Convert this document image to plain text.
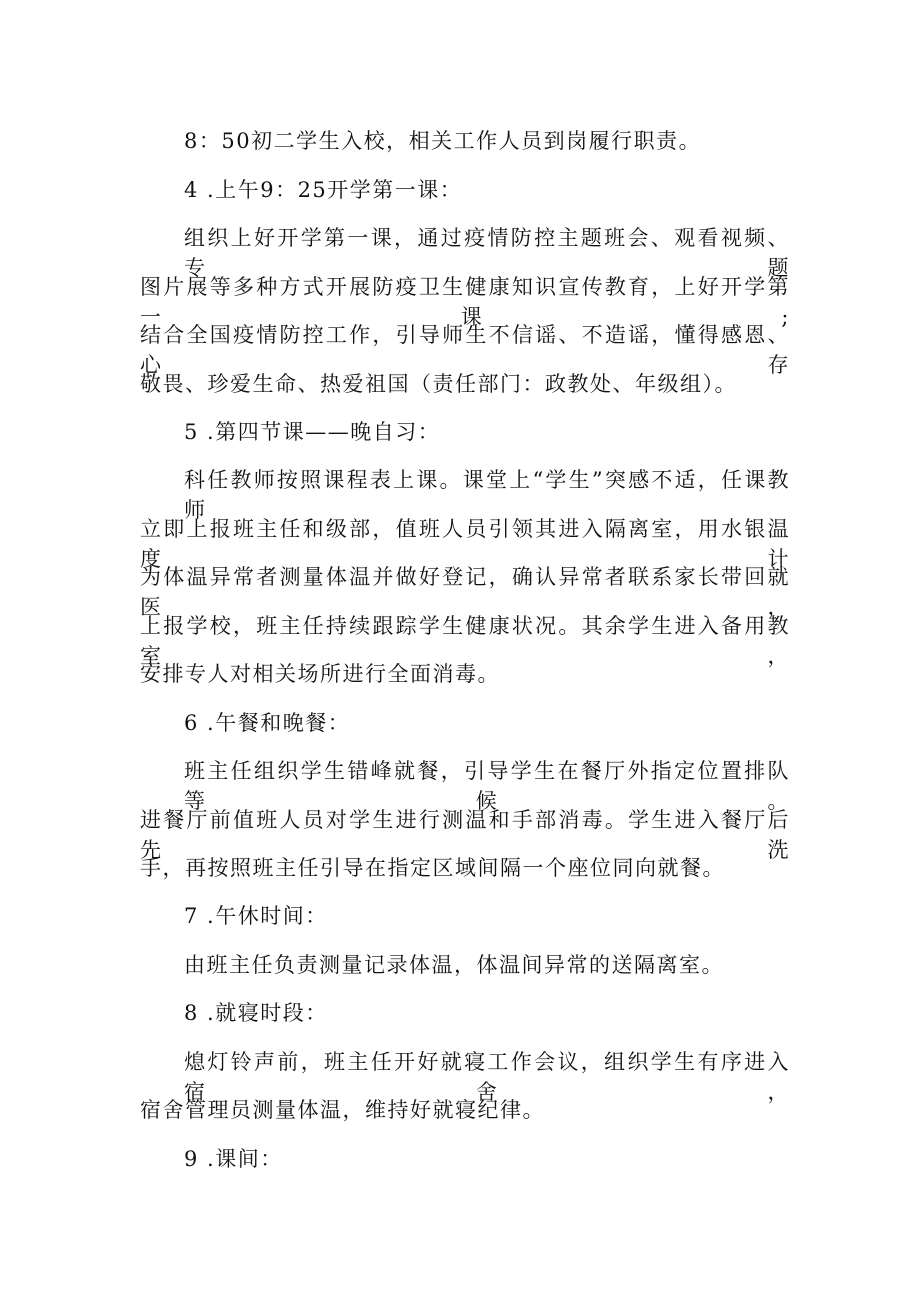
8：50初二学生入校，相关工作人员到岗履行职责。
4 .上午9：25开学第一课：
组织上好开学第一课，通过疫情防控主题班会、观看视频、专题
图片展等多种方式开展防疫卫生健康知识宣传教育，上好开学第一课;
结合全国疫情防控工作，引导师生不信谣、不造谣，懂得感恩、心存
敬畏、珍爱生命、热爱祖国（责任部门：政教处、年级组）。
5 .第四节课——晚自习：
科任教师按照课程表上课。课堂上“学生”突感不适，任课教师
立即上报班主任和级部，值班人员引领其进入隔离室，用水银温度计
为体温异常者测量体温并做好登记，确认异常者联系家长带回就医，
上报学校，班主任持续跟踪学生健康状况。其余学生进入备用教室，
安排专人对相关场所进行全面消毒。
6 .午餐和晚餐：
班主任组织学生错峰就餐，引导学生在餐厅外指定位置排队等候。
进餐厅前值班人员对学生进行测温和手部消毒。学生进入餐厅后先洗
手，再按照班主任引导在指定区域间隔一个座位同向就餐。
7 .午休时间：
由班主任负责测量记录体温，体温间异常的送隔离室。
8 .就寝时段：
熄灯铃声前，班主任开好就寝工作会议，组织学生有序进入宿舍，
宿舍管理员测量体温，维持好就寝纪律。
9 .课间：
